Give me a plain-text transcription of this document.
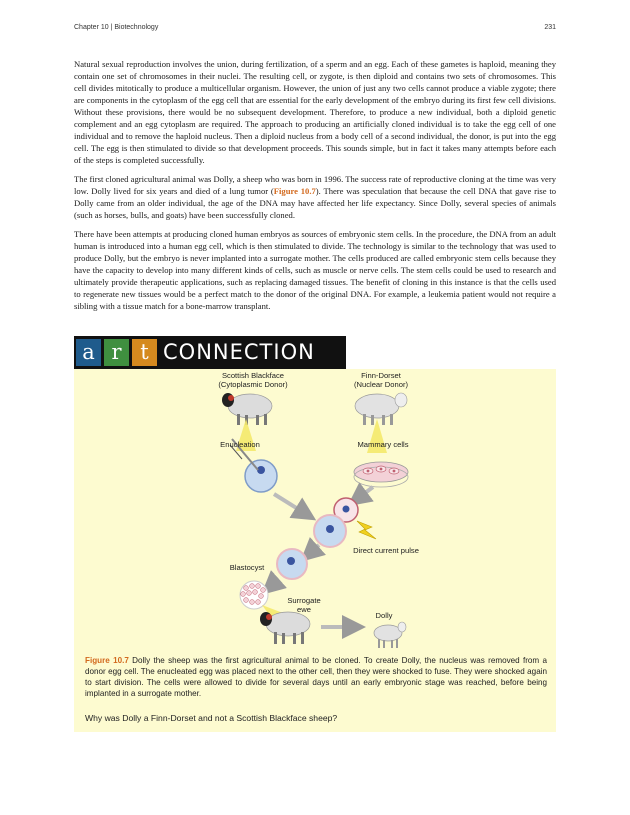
Chapter 10 | Biotechnology	231

Natural sexual reproduction involves the union, during fertilization, of a sperm and an egg. Each of these gametes is haploid, meaning they contain one set of chromosomes in their nuclei. The resulting cell, or zygote, is then diploid and contains two sets of chromosomes. This cell divides mitotically to produce a multicellular organism. However, the union of just any two cells cannot produce a viable zygote; there are components in the cytoplasm of the egg cell that are essential for the early development of the embryo during its first few cell divisions. Without these provisions, there would be no subsequent development. Therefore, to produce a new individual, both a diploid genetic complement and an egg cytoplasm are required. The approach to producing an artificially cloned individual is to take the egg cell of one individual and to remove the haploid nucleus. Then a diploid nucleus from a body cell of a second individual, the donor, is put into the egg cell. The egg is then stimulated to divide so that development proceeds. This sounds simple, but in fact it takes many attempts before each of the steps is completed successfully.

The first cloned agricultural animal was Dolly, a sheep who was born in 1996. The success rate of reproductive cloning at the time was very low. Dolly lived for six years and died of a lung tumor (Figure 10.7). There was speculation that because the cell DNA that gave rise to Dolly came from an older individual, the age of the DNA may have affected her life expectancy. Since Dolly, several species of animals (such as horses, bulls, and goats) have been successfully cloned.

There have been attempts at producing cloned human embryos as sources of embryonic stem cells. In the procedure, the DNA from an adult human is introduced into a human egg cell, which is then stimulated to divide. The technology is similar to the technology that was used to produce Dolly, but the embryo is never implanted into a surrogate mother. The cells produced are called embryonic stem cells because they have the capacity to develop into many different kinds of cells, such as muscle or nerve cells. The stem cells could be used to research and ultimately provide therapeutic applications, such as replacing damaged tissues. The benefit of cloning in this instance is that the cells used to regenerate new tissues would be a perfect match to the donor of the original DNA. For example, a leukemia patient would not require a sibling with a tissue match for a bone-marrow transplant.

a r t CONNECTION
Scottish Blackface
(Cytoplasmic Donor)
Finn-Dorset
(Nuclear Donor)
Enucleation	Mammary cells
Direct current pulse
Blastocyst
Surrogate
ewe
Dolly
Figure 10.7 Dolly the sheep was the first agricultural animal to be cloned. To create Dolly, the nucleus was removed from a donor egg cell. The enucleated egg was placed next to the other cell, then they were shocked to fuse. They were shocked again to start division. The cells were allowed to divide for several days until an early embryonic stage was reached, before being implanted in a surrogate mother.
Why was Dolly a Finn-Dorset and not a Scottish Blackface sheep?
